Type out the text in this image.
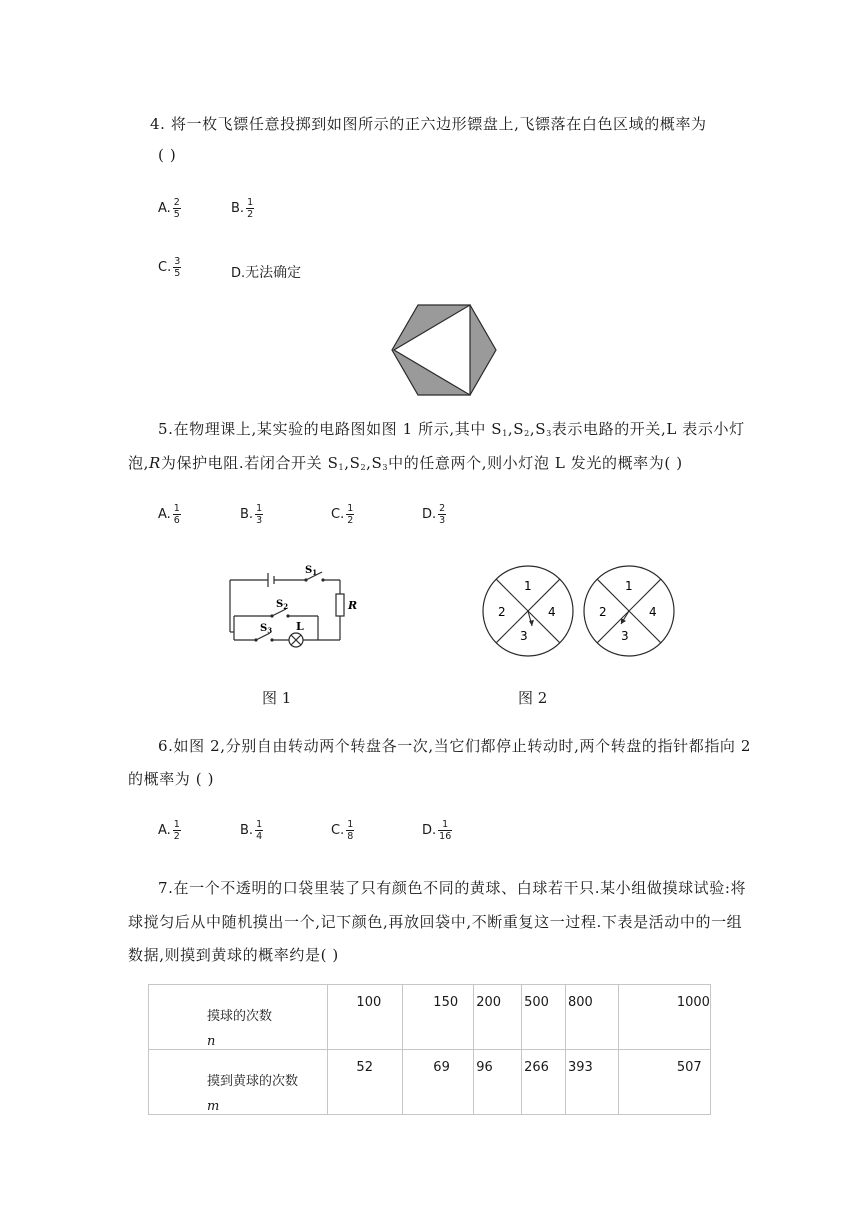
4. 将一枚飞镖任意投掷到如图所示的正六边形镖盘上,飞镖落在白色区域的概率为
( )
A. $\frac{2}{5}$	B. $\frac{1}{2}$
C. $\frac{3}{5}$	D.无法确定
5.在物理课上,某实验的电路图如图 1 所示,其中 $S_1,S_2,S_3$表示电路的开关,L 表示小灯
泡,R为保护电阻.若闭合开关 $S_1,S_2,S_3$中的任意两个,则小灯泡 L 发光的概率为( )
A. $\frac{1}{6}$	B. $\frac{1}{3}$	C. $\frac{1}{2}$	D. $\frac{2}{3}$
$S_1$
$S_2$
$S_3$ L
R
1
2
3
4
1
2
3
4
图 1	图 2
6.如图 2,分别自由转动两个转盘各一次,当它们都停止转动时,两个转盘的指针都指向 2
的概率为 ( )
A. $\frac{1}{2}$	B. $\frac{1}{4}$	C. $\frac{1}{8}$	D. $\frac{1}{16}$
7.在一个不透明的口袋里装了只有颜色不同的黄球、白球若干只.某小组做摸球试验:将
球搅匀后从中随机摸出一个,记下颜色,再放回袋中,不断重复这一过程.下表是活动中的一组
数据,则摸到黄球的概率约是( )
摸球的次数
n	100	150	200	500	800	1000

摸到黄球的次数
m	52	69	96	266	393	507
